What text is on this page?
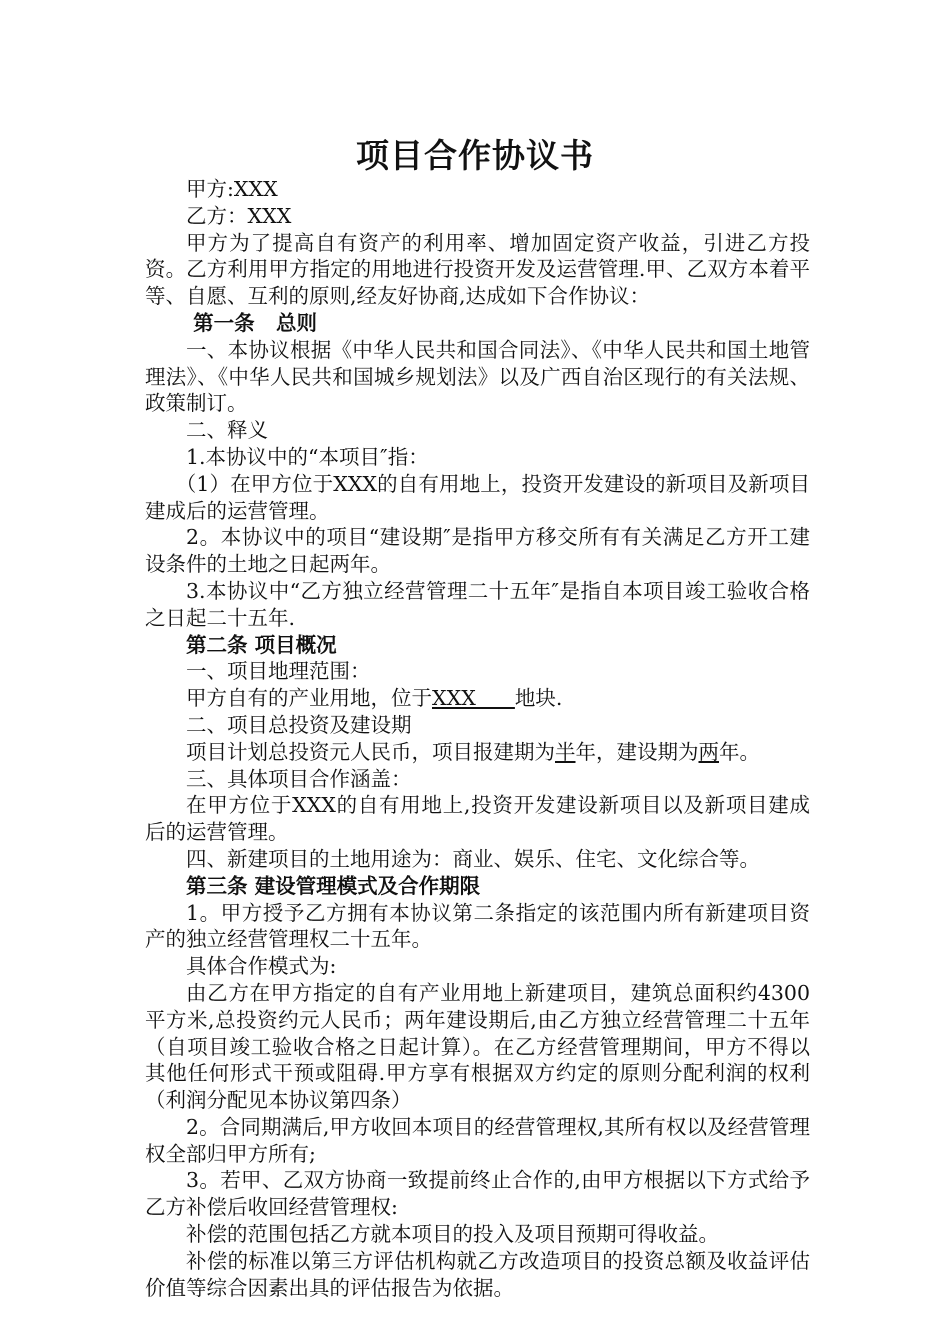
项目合作协议书

甲方:XXX

乙方：XXX

甲方为了提高自有资产的利用率、增加固定资产收益，引进乙方投资。乙方利用甲方指定的用地进行投资开发及运营管理.甲、乙双方本着平等、自愿、互利的原则,经友好协商,达成如下合作协议：

第一条   总则

一、本协议根据《中华人民共和国合同法》、《中华人民共和国土地管理法》、《中华人民共和国城乡规划法》以及广西自治区现行的有关法规、政策制订。

二、释义

1.本协议中的“本项目″指：

（1）在甲方位于XXX的自有用地上，投资开发建设的新项目及新项目建成后的运营管理。

2。本协议中的项目“建设期″是指甲方移交所有有关满足乙方开工建设条件的土地之日起两年。

3.本协议中“乙方独立经营管理二十五年″是指自本项目竣工验收合格之日起二十五年.

第二条 项目概况

一、项目地理范围：

甲方自有的产业用地，位于XXX      地块.

二、项目总投资及建设期

项目计划总投资元人民币，项目报建期为半年，建设期为两年。

三、具体项目合作涵盖：

在甲方位于XXX的自有用地上,投资开发建设新项目以及新项目建成后的运营管理。

四、新建项目的土地用途为：商业、娱乐、住宅、文化综合等。

第三条 建设管理模式及合作期限

1。甲方授予乙方拥有本协议第二条指定的该范围内所有新建项目资产的独立经营管理权二十五年。

具体合作模式为:

由乙方在甲方指定的自有产业用地上新建项目，建筑总面积约4300平方米,总投资约元人民币；两年建设期后,由乙方独立经营管理二十五年（自项目竣工验收合格之日起计算）。在乙方经营管理期间，甲方不得以其他任何形式干预或阻碍.甲方享有根据双方约定的原则分配利润的权利（利润分配见本协议第四条）

2。合同期满后,甲方收回本项目的经营管理权,其所有权以及经营管理权全部归甲方所有;

3。若甲、乙双方协商一致提前终止合作的,由甲方根据以下方式给予乙方补偿后收回经营管理权:

补偿的范围包括乙方就本项目的投入及项目预期可得收益。

补偿的标准以第三方评估机构就乙方改造项目的投资总额及收益评估价值等综合因素出具的评估报告为依据。
